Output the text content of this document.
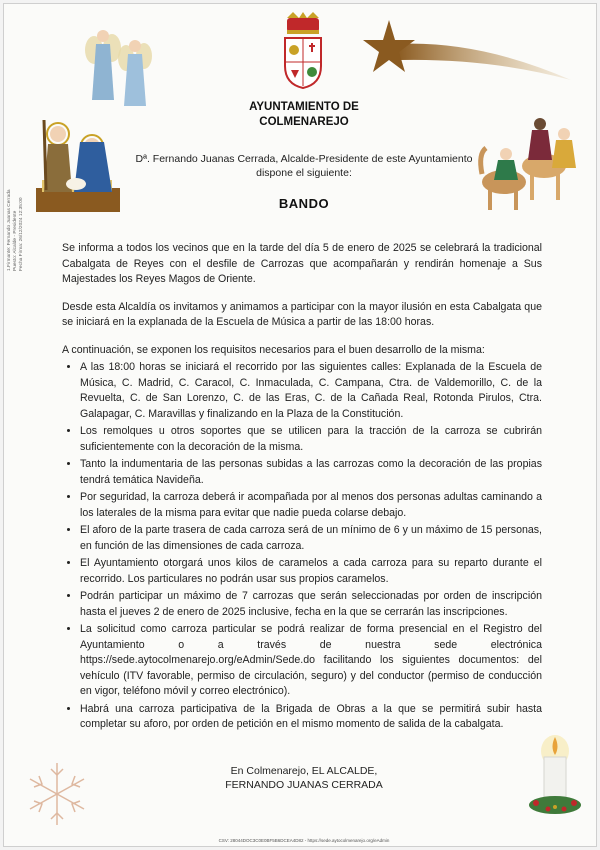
1.Firmante: Fernando Juanas Cerrada Puesto: Alcalde - Presidente Fecha Firma: 26/12/2024 12:35:00
AYUNTAMIENTO DE
COLMENAREJO
Dª. Fernando Juanas Cerrada, Alcalde-Presidente de este Ayuntamiento
dispone el siguiente:
BANDO

Se informa a todos los vecinos que en la tarde del día 5 de enero de 2025 se celebrará la tradicional Cabalgata de Reyes con el desfile de Carrozas que acompañarán y rendirán homenaje a Sus Majestades los Reyes Magos de Oriente.

Desde esta Alcaldía os invitamos y animamos a participar con la mayor ilusión en esta Cabalgata que se iniciará en la explanada de la Escuela de Música a partir de las 18:00 horas.

A continuación, se exponen los requisitos necesarios para el buen desarrollo de la misma:

• A las 18:00 horas se iniciará el recorrido por las siguientes calles: Explanada de la Escuela de Música, C. Madrid, C. Caracol, C. Inmaculada, C. Campana, Ctra. de Valdemorillo, C. de la Revuelta, C. de San Lorenzo, C. de las Eras, C. de la Cañada Real, Rotonda Pirulos, Ctra. Galapagar, C. Maravillas y finalizando en la Plaza de la Constitución.
• Los remolques u otros soportes que se utilicen para la tracción de la carroza se cubrirán suficientemente con la decoración de la misma.
• Tanto la indumentaria de las personas subidas a las carrozas como la decoración de las propias tendrá temática Navideña.
• Por seguridad, la carroza deberá ir acompañada por al menos dos personas adultas caminando a los laterales de la misma para evitar que nadie pueda colarse debajo.
• El aforo de la parte trasera de cada carroza será de un mínimo de 6 y un máximo de 15 personas, en función de las dimensiones de cada carroza.
• El Ayuntamiento otorgará unos kilos de caramelos a cada carroza para su reparto durante el recorrido. Los particulares no podrán usar sus propios caramelos.
• Podrán participar un máximo de 7 carrozas que serán seleccionadas por orden de inscripción hasta el jueves 2 de enero de 2025 inclusive, fecha en la que se cerrarán las inscripciones.
• La solicitud como carroza particular se podrá realizar de forma presencial en el Registro del Ayuntamiento o a través de nuestra sede electrónica https://sede.aytocolmenarejo.org/eAdmin/Sede.do facilitando los siguientes documentos: del vehículo (ITV favorable, permiso de circulación, seguro) y del conductor (permiso de conducción en vigor, teléfono móvil y correo electrónico).
• Habrá una carroza participativa de la Brigada de Obras a la que se permitirá subir hasta completar su aforo, por orden de petición en el mismo momento de salida de la cabalgata.
En Colmenarejo, EL ALCALDE,
FERNANDO JUANAS CERRADA
CSV: 28044DOC3C0E0BF5B6DCEA4D82 - https://sede.aytocolmenarejo.org/eAdmin
